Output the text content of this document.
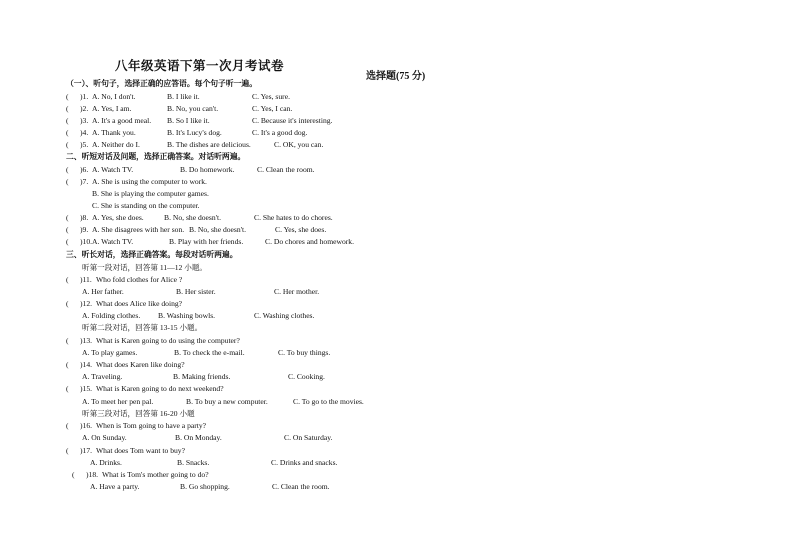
八年级英语下第一次月考试卷
选择题(75 分)
（一）、听句子，选择正确的应答语。每个句子听一遍。
( )1. A. No, I don't.	B. I like it.	C. Yes, sure.
( )2. A. Yes, I am.	B. No, you can't.	C. Yes, I can.
( )3. A. It's a good meal. B. So I like it.	C. Because it's interesting.
( )4. A. Thank you.	B. It's Lucy's dog.	C. It's a good dog.
( )5. A. Neither do I.	B. The dishes are delicious.	C. OK, you can.
二、听短对话及问题，选择正确答案。对话听两遍。
( )6. A. Watch TV.	B. Do homework.	C. Clean the room.
( )7. A. She is using the computer to work.
B. She is playing the computer games.
C. She is standing on the computer.
( )8. A. Yes, she does.	B. No, she doesn't.	C. She hates to do chores.
( )9. A. She disagrees with her son. B. No, she doesn't.	C. Yes, she does.
( )10. A. Watch TV.	B. Play with her friends.	C. Do chores and homework.
三、听长对话，选择正确答案。每段对话听两遍。
听第一段对话，回答第 11—12 小题。
( )11. Who fold clothes for Alice ?
A. Her father.	B. Her sister.	C. Her mother.
( )12. What does Alice like doing?
A. Folding clothes. B. Washing bowls.	C. Washing clothes.
听第二段对话，回答第 13-15 小题。
( )13. What is Karen going to do using the computer?
A. To play games.	B. To check the e-mail.	C. To buy things.
( )14. What does Karen like doing?
A. Traveling.	B. Making friends.	C. Cooking.
( )15. What is Karen going to do next weekend?
A. To meet her pen pal.	B. To buy a new computer.	C. To go to the movies.
听第三段对话，回答第 16-20 小题
( )16. When is Tom going to have a party?
A. On Sunday.	B. On Monday.	C. On Saturday.
( )17. What does Tom want to buy?
A. Drinks.	B. Snacks.	C. Drinks and snacks.
( )18. What is Tom's mother going to do?
A. Have a party.	B. Go shopping.	C. Clean the room.
